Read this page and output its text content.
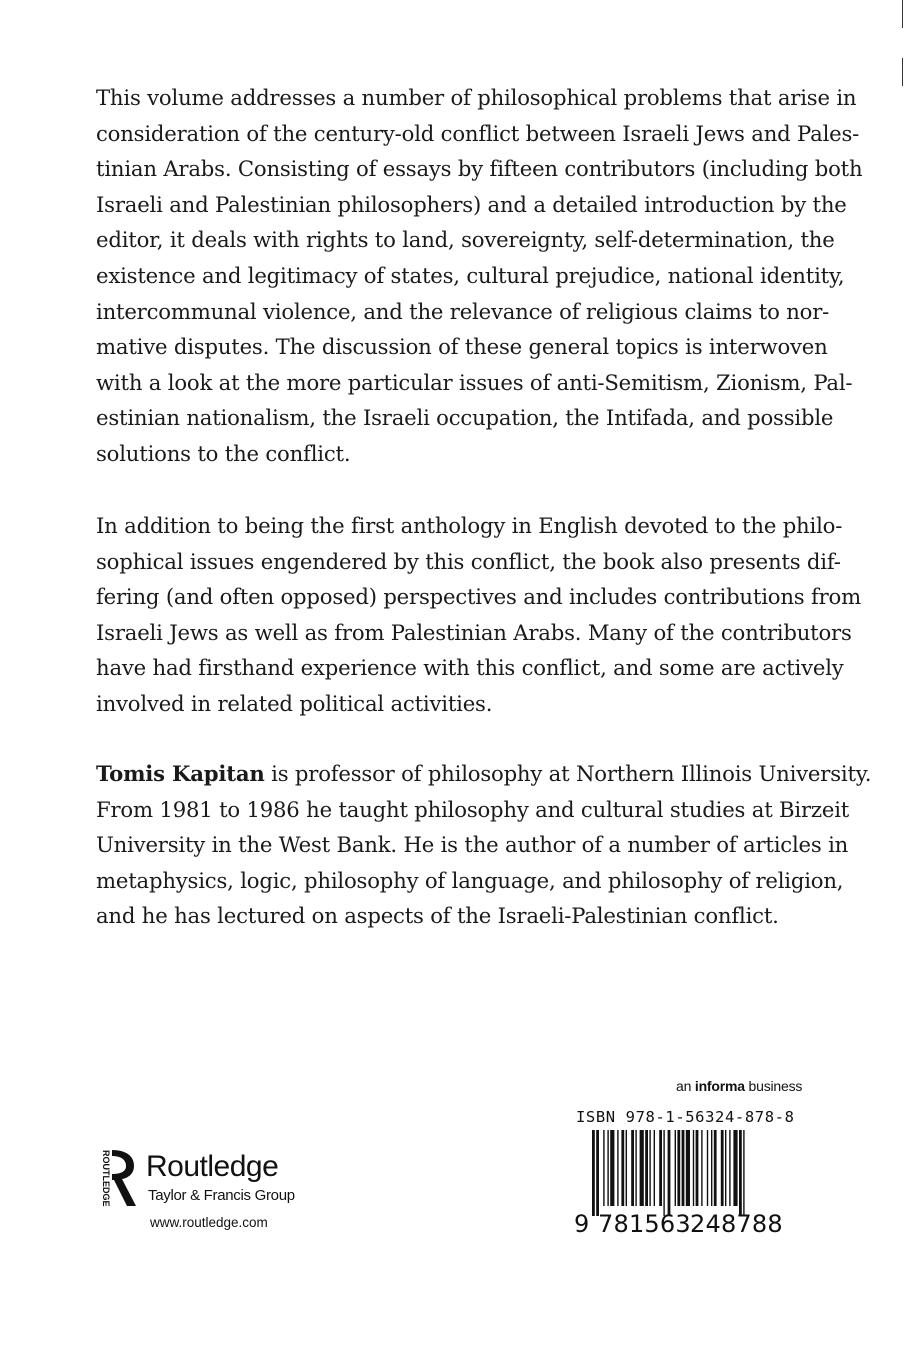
This volume addresses a number of philosophical problems that arise in
consideration of the century-old conflict between Israeli Jews and Pales-
tinian Arabs. Consisting of essays by fifteen contributors (including both
Israeli and Palestinian philosophers) and a detailed introduction by the
editor, it deals with rights to land, sovereignty, self-determination, the
existence and legitimacy of states, cultural prejudice, national identity,
intercommunal violence, and the relevance of religious claims to nor-
mative disputes. The discussion of these general topics is interwoven
with a look at the more particular issues of anti-Semitism, Zionism, Pal-
estinian nationalism, the Israeli occupation, the Intifada, and possible
solutions to the conflict.

In addition to being the first anthology in English devoted to the philo-
sophical issues engendered by this conflict, the book also presents dif-
fering (and often opposed) perspectives and includes contributions from
Israeli Jews as well as from Palestinian Arabs. Many of the contributors
have had firsthand experience with this conflict, and some are actively
involved in related political activities.

Tomis Kapitan is professor of philosophy at Northern Illinois University.
From 1981 to 1986 he taught philosophy and cultural studies at Birzeit
University in the West Bank. He is the author of a number of articles in
metaphysics, logic, philosophy of language, and philosophy of religion,
and he has lectured on aspects of the Israeli-Palestinian conflict.

an informa business
ISBN 978-1-56324-878-8
9 781563 248788
ROUTLEDGE Routledge
Taylor & Francis Group
www.routledge.com
